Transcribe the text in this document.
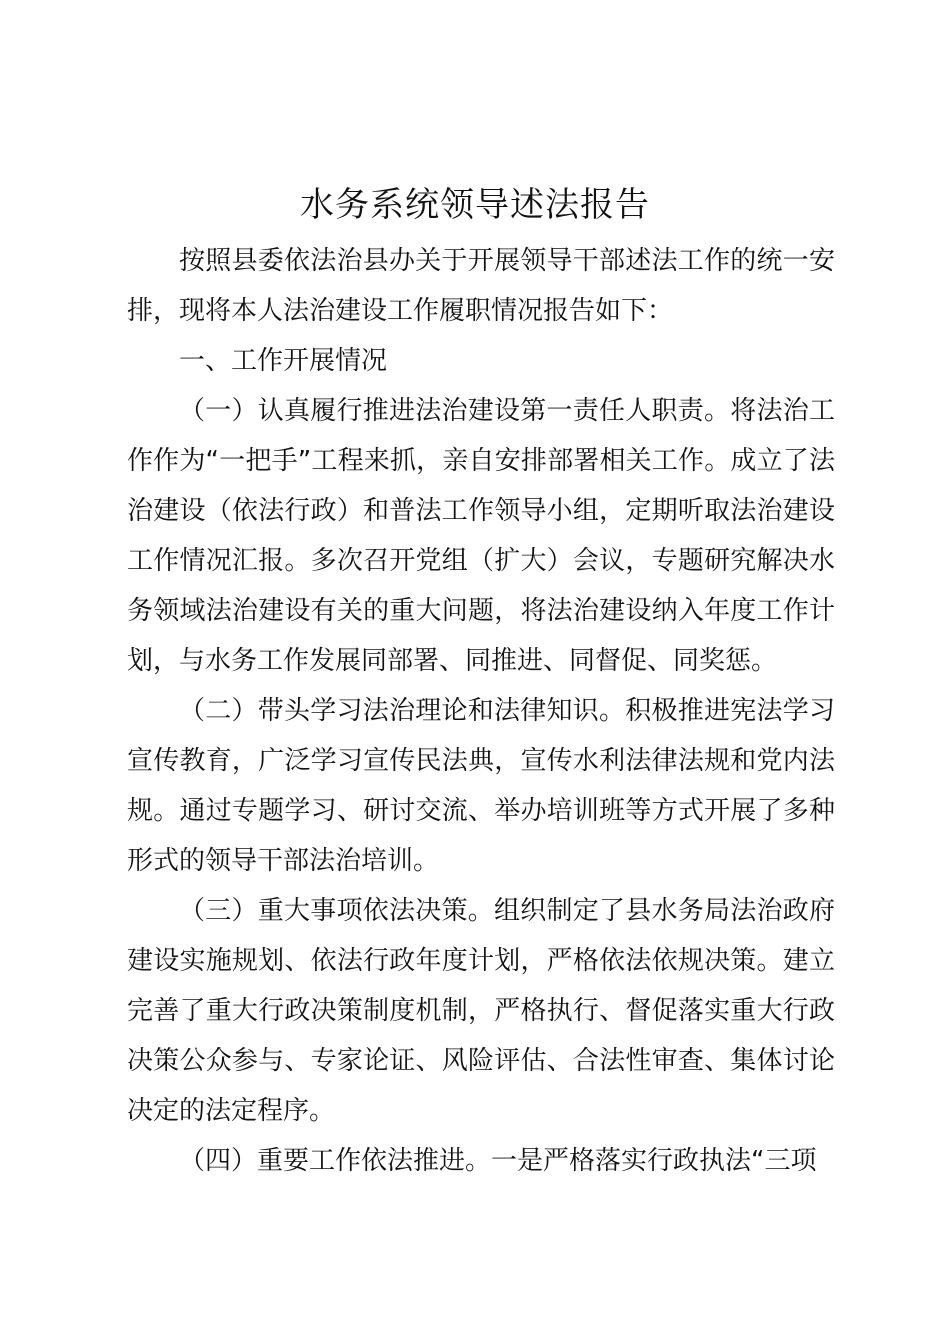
水务系统领导述法报告

按照县委依法治县办关于开展领导干部述法工作的统一安排，现将本人法治建设工作履职情况报告如下：

一、工作开展情况

（一）认真履行推进法治建设第一责任人职责。将法治工作作为“一把手”工程来抓，亲自安排部署相关工作。成立了法治建设（依法行政）和普法工作领导小组，定期听取法治建设工作情况汇报。多次召开党组（扩大）会议，专题研究解决水务领域法治建设有关的重大问题，将法治建设纳入年度工作计划，与水务工作发展同部署、同推进、同督促、同奖惩。

（二）带头学习法治理论和法律知识。积极推进宪法学习宣传教育，广泛学习宣传民法典，宣传水利法律法规和党内法规。通过专题学习、研讨交流、举办培训班等方式开展了多种形式的领导干部法治培训。

（三）重大事项依法决策。组织制定了县水务局法治政府建设实施规划、依法行政年度计划，严格依法依规决策。建立完善了重大行政决策制度机制，严格执行、督促落实重大行政决策公众参与、专家论证、风险评估、合法性审查、集体讨论决定的法定程序。

（四）重要工作依法推进。一是严格落实行政执法“三项
